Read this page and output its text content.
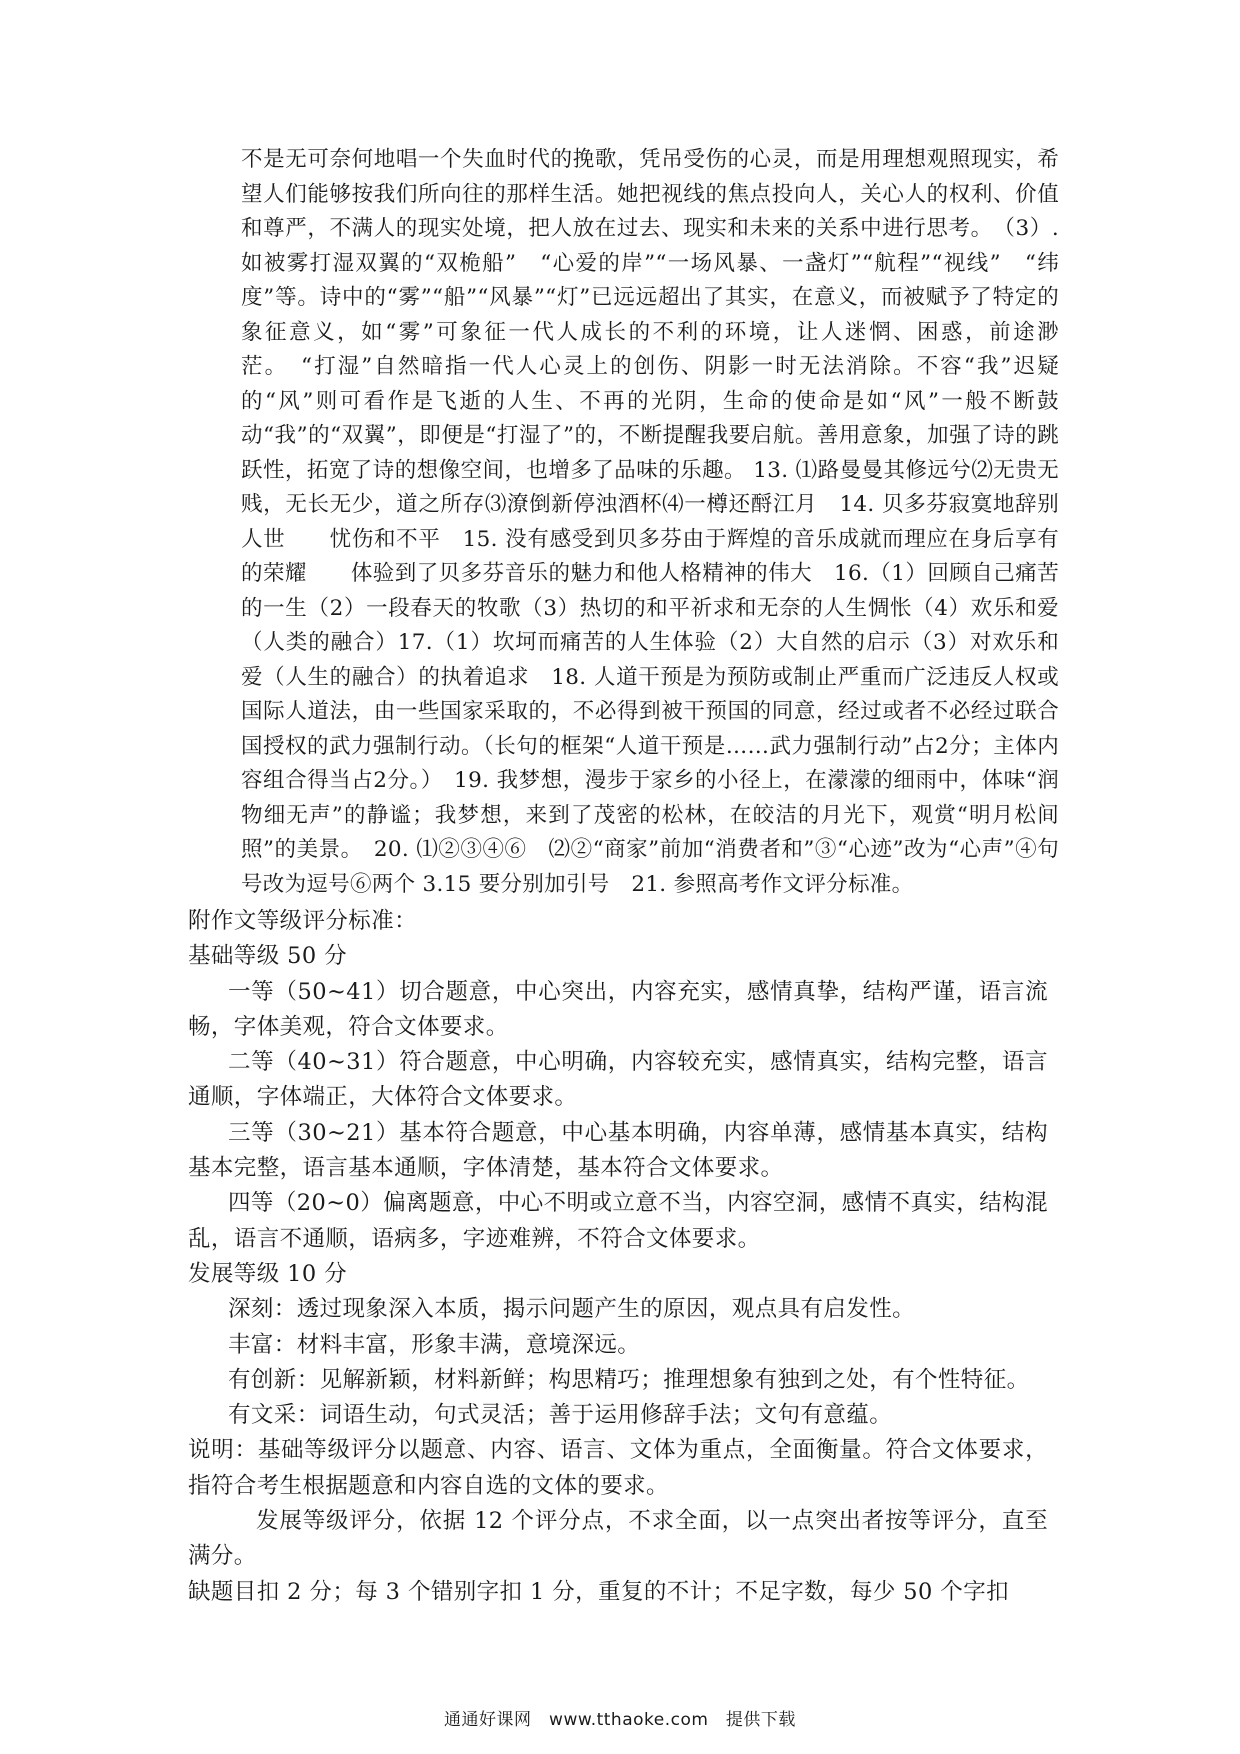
不是无可奈何地唱一个失血时代的挽歌，凭吊受伤的心灵，而是用理想观照现实，希望人们能够按我们所向往的那样生活。她把视线的焦点投向人，关心人的权利、价值和尊严，不满人的现实处境，把人放在过去、现实和未来的关系中进行思考。　（3）.如被雾打湿双翼的“双桅船”　“心爱的岸”“一场风暴、一盏灯”“航程”“视线”　“纬度”等。诗中的“雾”“船”“风暴”“灯”已远远超出了其实，在意义，而被赋予了特定的象征意义，如“雾”可象征一代人成长的不利的环境，让人迷惘、困惑，前途渺茫。　“打湿”自然暗指一代人心灵上的创伤、阴影一时无法消除。不容“我”迟疑的“风”则可看作是飞逝的人生、不再的光阴，生命的使命是如“风”一般不断鼓动“我”的“双翼”，即便是“打湿了”的，不断提醒我要启航。善用意象，加强了诗的跳跃性，拓宽了诗的想像空间，也增多了品味的乐趣。 13. ⑴路曼曼其修远兮⑵无贵无贱，无长无少，道之所存⑶潦倒新停浊酒杯⑷一樽还酹江月　14. 贝多芬寂寞地辞别人世　　忧伤和不平　15. 没有感受到贝多芬由于辉煌的音乐成就而理应在身后享有的荣耀　　体验到了贝多芬音乐的魅力和他人格精神的伟大　16.（1）回顾自己痛苦的一生（2）一段春天的牧歌（3）热切的和平祈求和无奈的人生惆怅（4）欢乐和爱（人类的融合）17.（1）坎坷而痛苦的人生体验（2）大自然的启示（3）对欢乐和爱（人生的融合）的执着追求　18. 人道干预是为预防或制止严重而广泛违反人权或国际人道法，由一些国家采取的，不必得到被干预国的同意，经过或者不必经过联合国授权的武力强制行动。（长句的框架“人道干预是……武力强制行动”占2分；主体内容组合得当占2分。）　19. 我梦想，漫步于家乡的小径上，在濛濛的细雨中，体味“润物细无声”的静谧；我梦想，来到了茂密的松林，在皎洁的月光下，观赏“明月松间照”的美景。　20. ⑴②③④⑥　⑵②“商家”前加“消费者和”③“心迹”改为“心声”④句号改为逗号⑥两个 3.15 要分别加引号　21. 参照高考作文评分标准。

附作文等级评分标准：

基础等级 50 分

一等（50~41）切合题意，中心突出，内容充实，感情真挚，结构严谨，语言流畅，字体美观，符合文体要求。

二等（40~31）符合题意，中心明确，内容较充实，感情真实，结构完整，语言通顺，字体端正，大体符合文体要求。

三等（30~21）基本符合题意，中心基本明确，内容单薄，感情基本真实，结构基本完整，语言基本通顺，字体清楚，基本符合文体要求。

四等（20~0）偏离题意，中心不明或立意不当，内容空洞，感情不真实，结构混乱，语言不通顺，语病多，字迹难辨，不符合文体要求。

发展等级 10 分

深刻：透过现象深入本质，揭示问题产生的原因，观点具有启发性。

丰富：材料丰富，形象丰满，意境深远。

有创新：见解新颖，材料新鲜；构思精巧；推理想象有独到之处，有个性特征。

有文采：词语生动，句式灵活；善于运用修辞手法；文句有意蕴。

说明：基础等级评分以题意、内容、语言、文体为重点，全面衡量。符合文体要求，指符合考生根据题意和内容自选的文体的要求。

发展等级评分，依据 12 个评分点，不求全面，以一点突出者按等评分，直至满分。

缺题目扣 2 分；每 3 个错别字扣 1 分，重复的不计；不足字数，每少 50 个字扣

通通好课网　www.tthaoke.com　提供下载
